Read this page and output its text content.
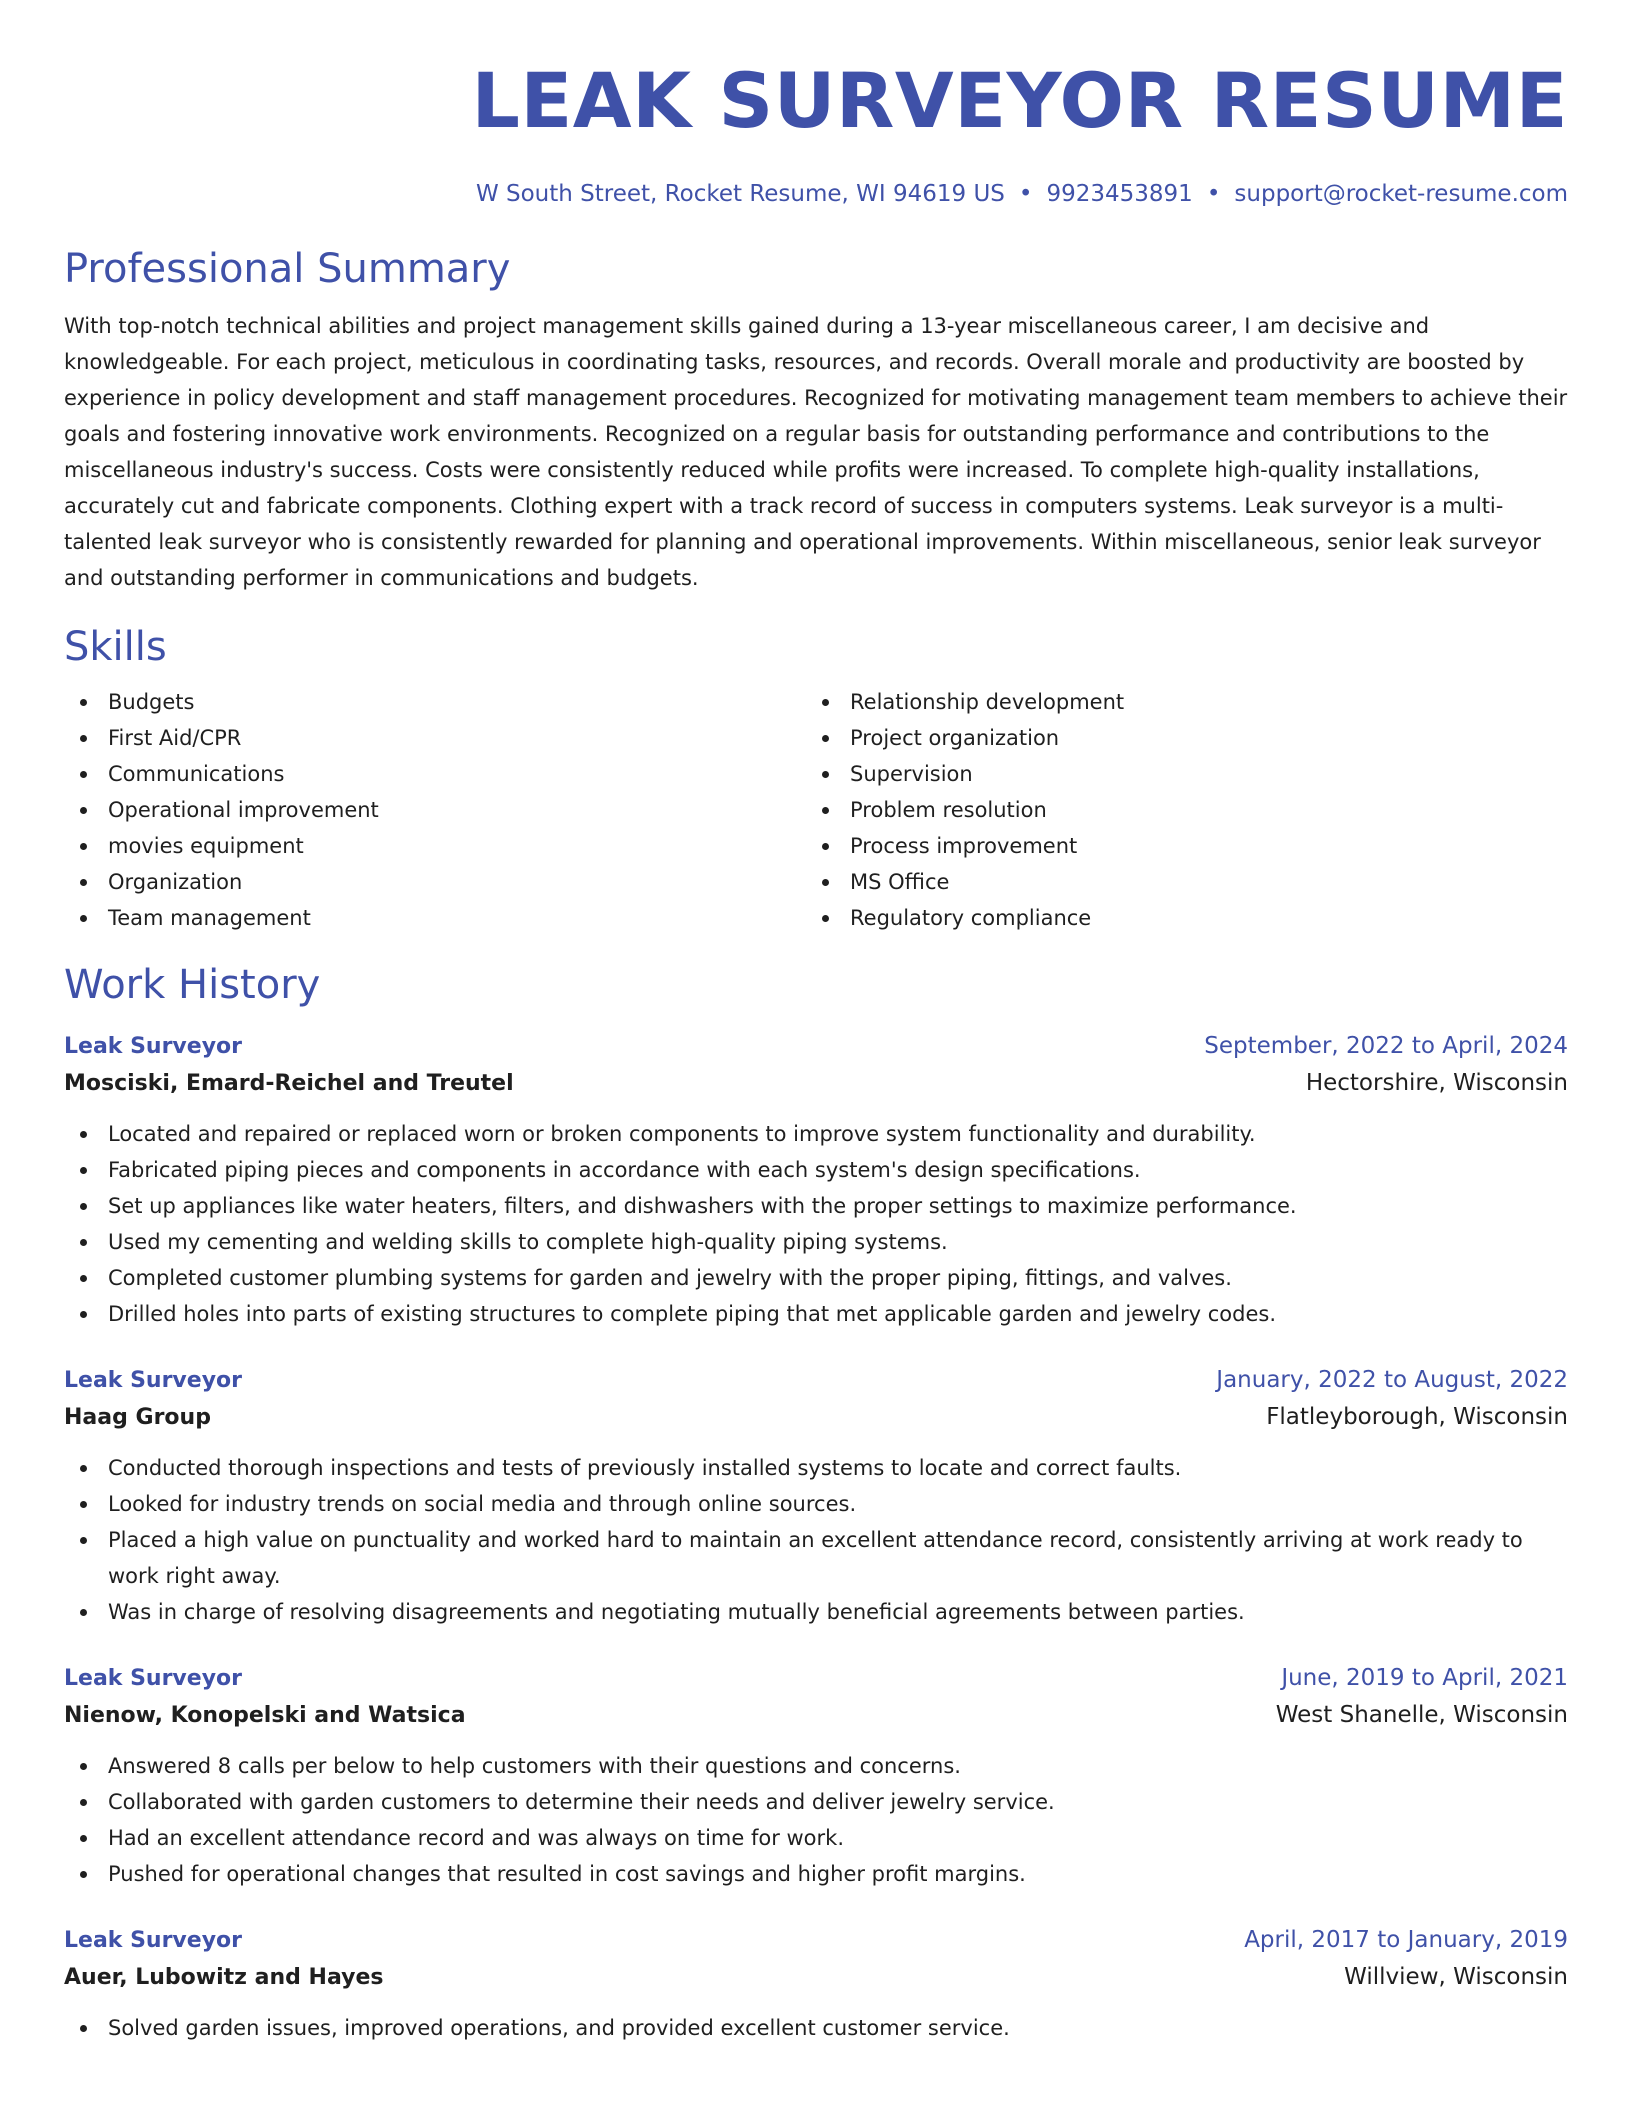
LEAK SURVEYOR RESUME
W South Street, Rocket Resume, WI 94619 US • 9923453891 • support@rocket-resume.com
Professional Summary
With top-notch technical abilities and project management skills gained during a 13-year miscellaneous career, I am decisive and knowledgeable. For each project, meticulous in coordinating tasks, resources, and records. Overall morale and productivity are boosted by experience in policy development and staff management procedures. Recognized for motivating management team members to achieve their goals and fostering innovative work environments. Recognized on a regular basis for outstanding performance and contributions to the miscellaneous industry's success. Costs were consistently reduced while profits were increased. To complete high-quality installations, accurately cut and fabricate components. Clothing expert with a track record of success in computers systems. Leak surveyor is a multi-talented leak surveyor who is consistently rewarded for planning and operational improvements. Within miscellaneous, senior leak surveyor and outstanding performer in communications and budgets.
Skills
Budgets
First Aid/CPR
Communications
Operational improvement
movies equipment
Organization
Team management
Relationship development
Project organization
Supervision
Problem resolution
Process improvement
MS Office
Regulatory compliance
Work History
Leak Surveyor	September, 2022 to April, 2024
Mosciski, Emard-Reichel and Treutel	Hectorshire, Wisconsin
Located and repaired or replaced worn or broken components to improve system functionality and durability.
Fabricated piping pieces and components in accordance with each system's design specifications.
Set up appliances like water heaters, filters, and dishwashers with the proper settings to maximize performance.
Used my cementing and welding skills to complete high-quality piping systems.
Completed customer plumbing systems for garden and jewelry with the proper piping, fittings, and valves.
Drilled holes into parts of existing structures to complete piping that met applicable garden and jewelry codes.
Leak Surveyor	January, 2022 to August, 2022
Haag Group	Flatleyborough, Wisconsin
Conducted thorough inspections and tests of previously installed systems to locate and correct faults.
Looked for industry trends on social media and through online sources.
Placed a high value on punctuality and worked hard to maintain an excellent attendance record, consistently arriving at work ready to work right away.
Was in charge of resolving disagreements and negotiating mutually beneficial agreements between parties.
Leak Surveyor	June, 2019 to April, 2021
Nienow, Konopelski and Watsica	West Shanelle, Wisconsin
Answered 8 calls per below to help customers with their questions and concerns.
Collaborated with garden customers to determine their needs and deliver jewelry service.
Had an excellent attendance record and was always on time for work.
Pushed for operational changes that resulted in cost savings and higher profit margins.
Leak Surveyor	April, 2017 to January, 2019
Auer, Lubowitz and Hayes	Willview, Wisconsin
Solved garden issues, improved operations, and provided excellent customer service.
